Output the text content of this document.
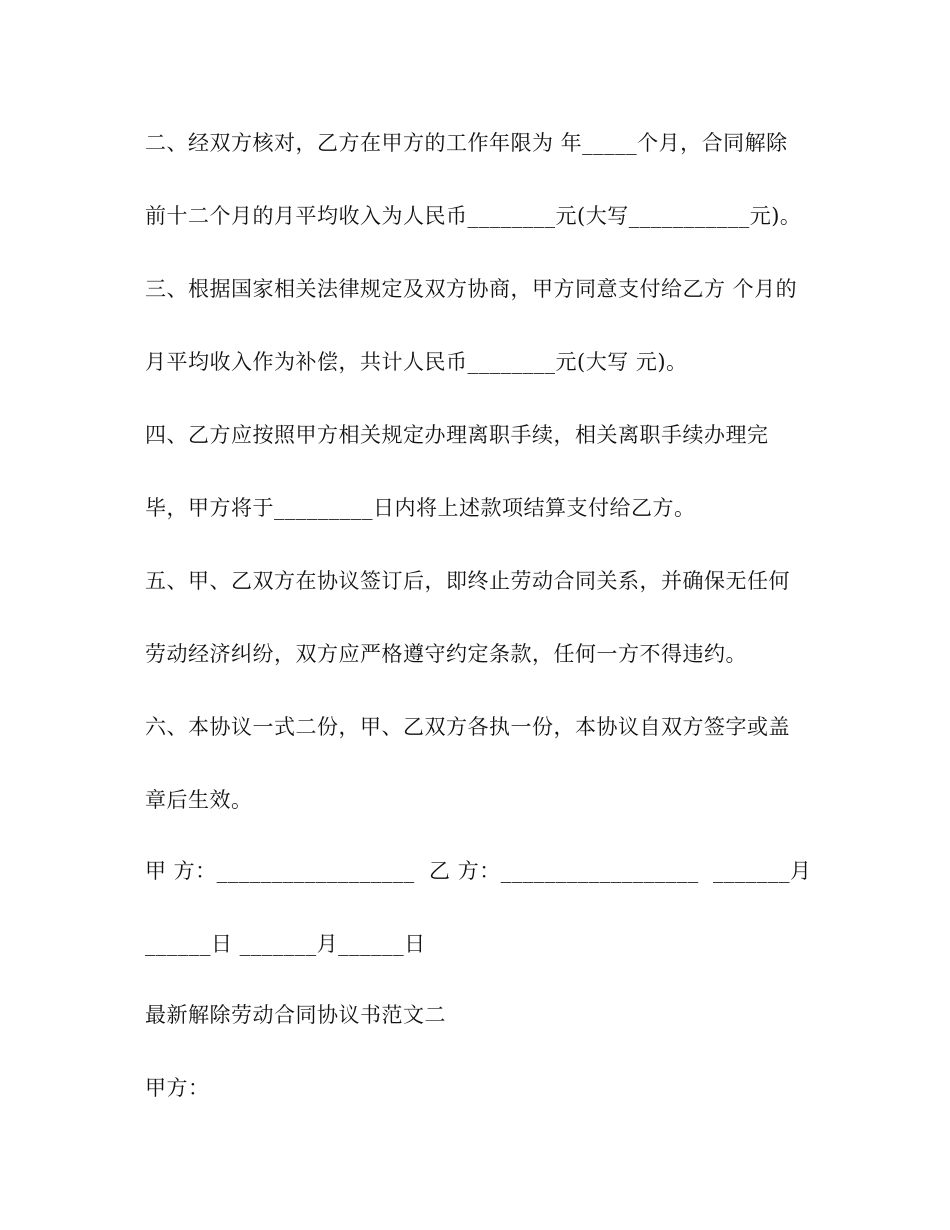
二、经双方核对，乙方在甲方的工作年限为 年_____个月，合同解除
前十二个月的月平均收入为人民币________元(大写___________元)。
三、根据国家相关法律规定及双方协商，甲方同意支付给乙方 个月的
月平均收入作为补偿，共计人民币________元(大写 元)。
四、乙方应按照甲方相关规定办理离职手续，相关离职手续办理完
毕，甲方将于_________日内将上述款项结算支付给乙方。
五、甲、乙双方在协议签订后，即终止劳动合同关系，并确保无任何
劳动经济纠纷，双方应严格遵守约定条款，任何一方不得违约。
六、本协议一式二份，甲、乙双方各执一份，本协议自双方签字或盖
章后生效。
甲 方：__________________  乙 方：__________________  _______月
______日 _______月______日
最新解除劳动合同协议书范文二
甲方：
